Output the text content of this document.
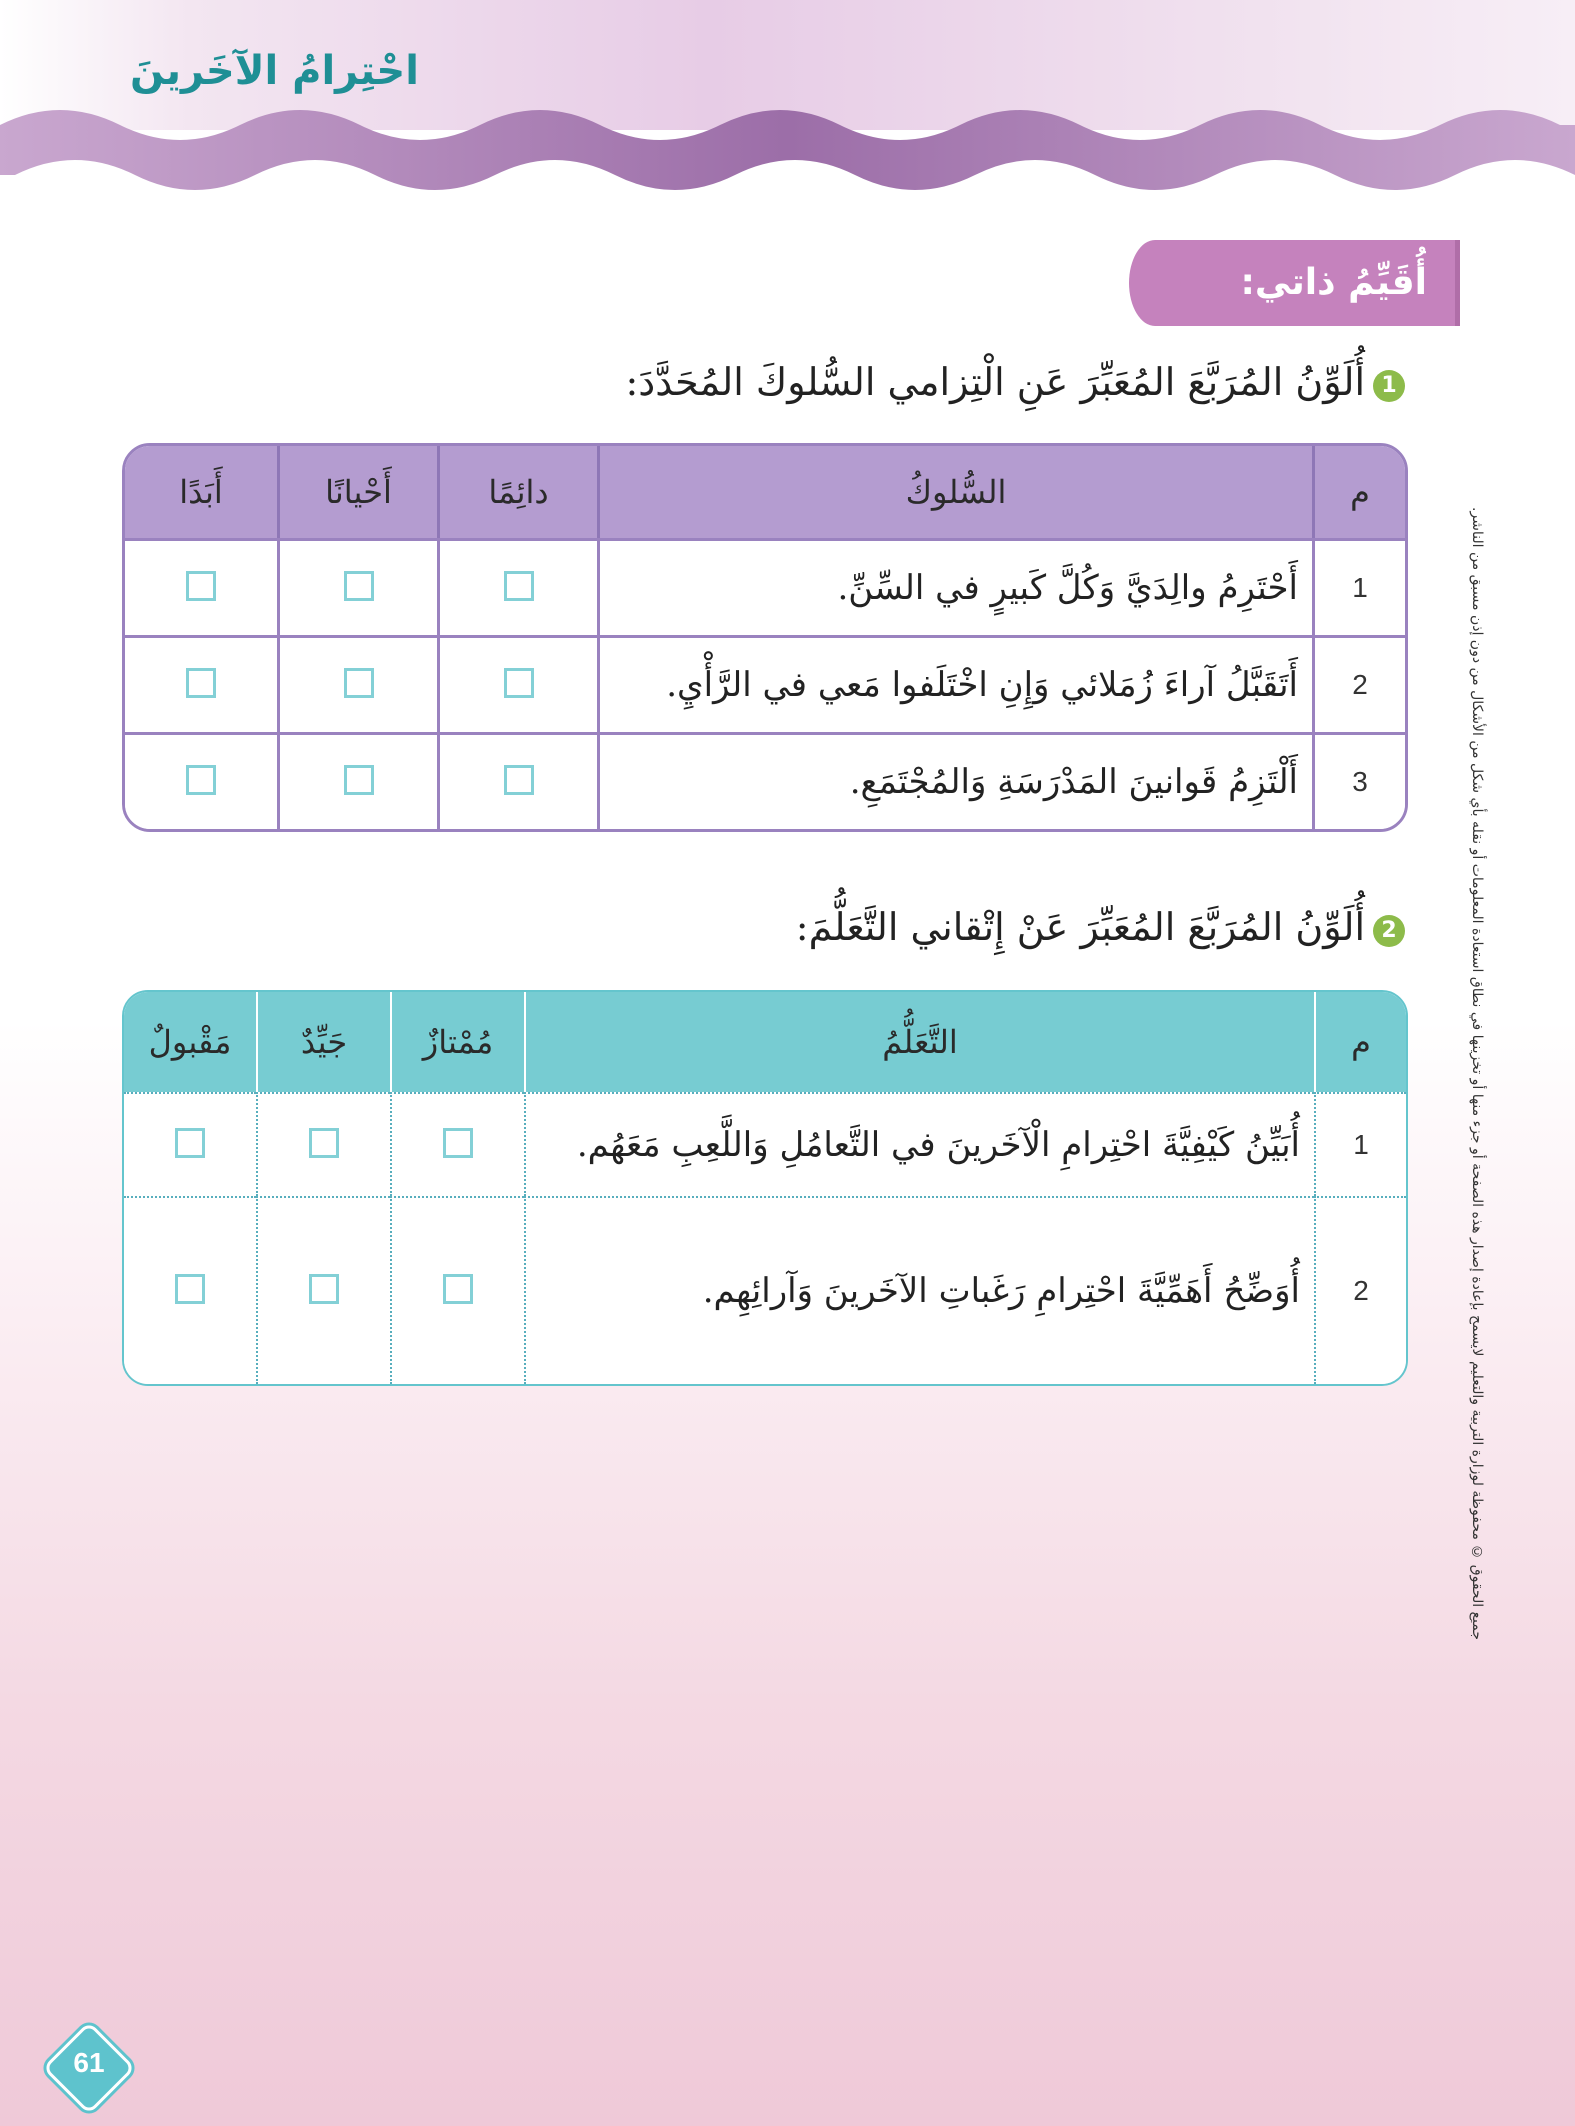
احْتِرامُ الآخَرينَ
أُقَيِّمُ ذاتي:
1أُلَوِّنُ المُرَبَّعَ المُعَبِّرَ عَنِ الْتِزامي السُّلوكَ المُحَدَّدَ:
م	السُّلوكُ	دائِمًا	أَحْيانًا	أَبَدًا
1	أَحْتَرِمُ والِدَيَّ وَكُلَّ كَبيرٍ في السِّنِّ.			
2	أَتَقَبَّلُ آراءَ زُمَلائي وَإِنِ اخْتَلَفوا مَعي في الرَّأْيِ.			
3	أَلْتَزِمُ قَوانينَ المَدْرَسَةِ وَالمُجْتَمَعِ.			
2أُلَوِّنُ المُرَبَّعَ المُعَبِّرَ عَنْ إِتْقاني التَّعَلُّمَ:
م	التَّعَلُّمُ	مُمْتازٌ	جَيِّدٌ	مَقْبولٌ
1	أُبَيِّنُ كَيْفِيَّةَ احْتِرامِ الْآخَرينَ في التَّعامُلِ وَاللَّعِبِ مَعَهُم.			
2	أُوَضِّحُ أَهَمِّيَّةَ احْتِرامِ رَغَباتِ الآخَرينَ وَآرائِهِم.				جميع الحقوق © محفوظة لوزارة التربية والتعليم لايسمح بإعادة إصدار هذه الصفحة أو جزء منها أو تخزينها في نطاق استعادة المعلومات أو نقله بأي شكل من الأشكال من دون إذن مسبق من الناشر.
61
